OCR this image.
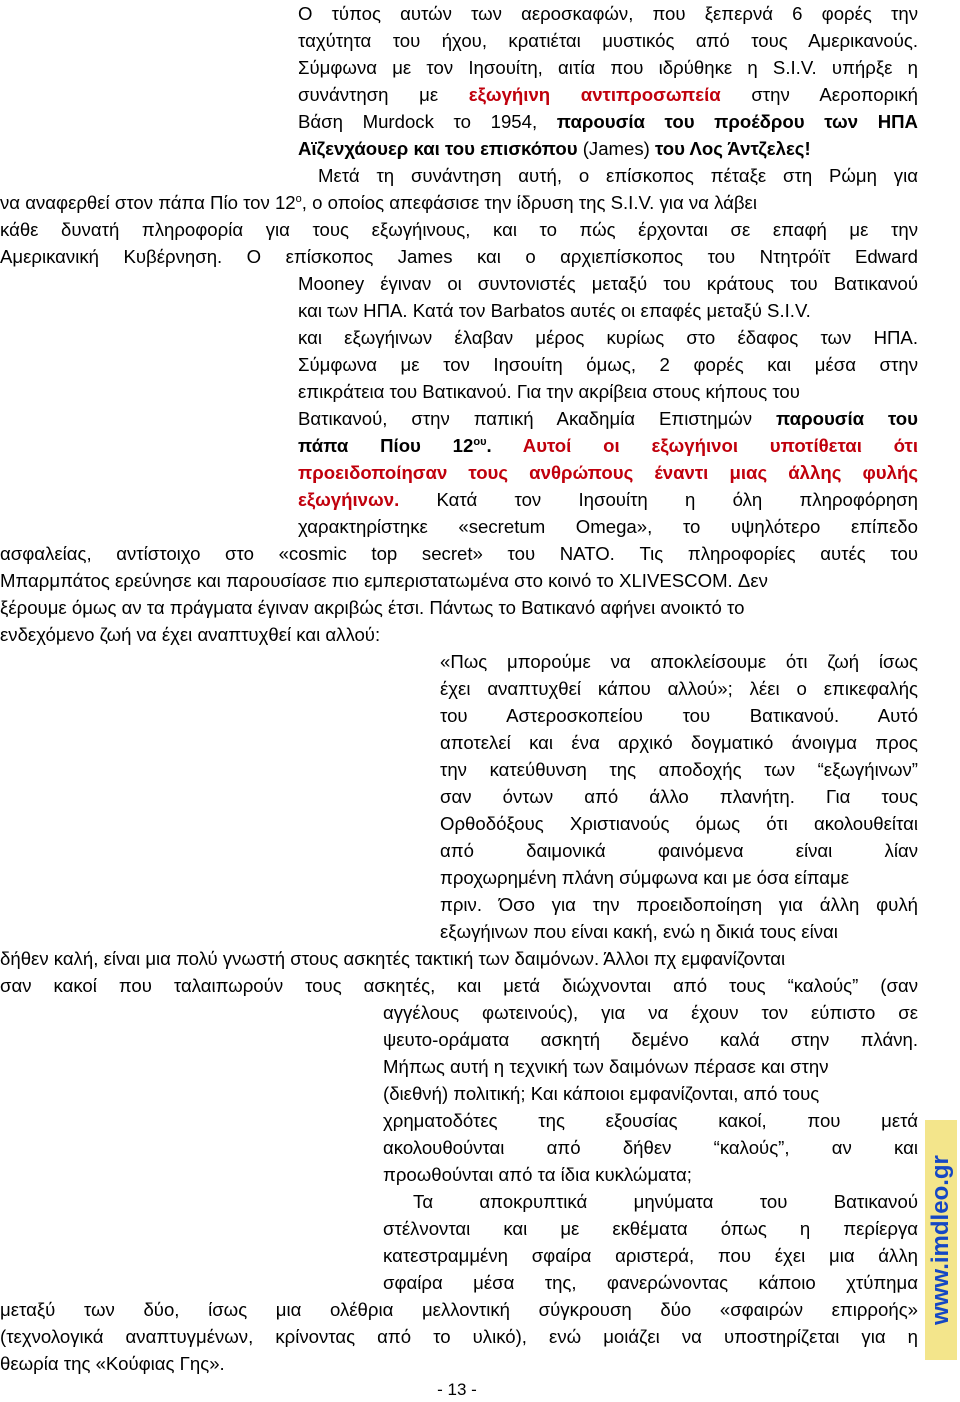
Ο τύπος αυτών των αεροσκαφών, που ξεπερνά 6 φορές την

ταχύτητα του ήχου, κρατιέται μυστικός από τους Αμερικανούς.

Σύμφωνα με τον Ιησουίτη, αιτία που ιδρύθηκε η S.I.V. υπήρξε η

συνάντηση με εξωγήινη αντιπροσωπεία στην Αεροπορική

Βάση Murdock το 1954, παρουσία του προέδρου των ΗΠΑ

Αϊζενχάουερ και του επισκόπου (James) του Λος Άντζελες!

Μετά τη συνάντηση αυτή, ο επίσκοπος πέταξε στη Ρώμη για

να αναφερθεί στον πάπα Πίο τον $12^o$, ο οποίος απεφάσισε την ίδρυση της S.I.V. για να λάβει

κάθε δυνατή πληροφορία για τους εξωγήινους, και το πώς έρχονται σε επαφή με την

Αμερικανική Κυβέρνηση. Ο επίσκοπος James και ο αρχιεπίσκοπος του Ντητρόϊτ Edward

Mooney έγιναν οι συντονιστές μεταξύ του κράτους του Βατικανού

και των ΗΠΑ. Κατά τον Barbatos αυτές οι επαφές μεταξύ S.I.V.

και εξωγήινων έλαβαν μέρος κυρίως στο έδαφος των ΗΠΑ.

Σύμφωνα με τον Ιησουίτη όμως, 2 φορές και μέσα στην

επικράτεια του Βατικανού. Για την ακρίβεια στους κήπους του

Βατικανού, στην παπική Ακαδημία Επιστημών παρουσία του

πάπα Πίου $12^{o\upsilon}$. Αυτοί οι εξωγήινοι υποτίθεται ότι

προειδοποίησαν τους ανθρώπους έναντι μιας άλλης φυλής

εξωγήινων. Κατά τον Ιησουίτη η όλη πληροφόρηση

χαρακτηρίστηκε «secretum Omega», το υψηλότερο επίπεδο

ασφαλείας, αντίστοιχο στο «cosmic top secret» του NATO. Τις πληροφορίες αυτές του

Μπαρμπάτος ερεύνησε και παρουσίασε πιο εμπεριστατωμένα στο κοινό το XLIVESCOM. Δεν

ξέρουμε όμως αν τα πράγματα έγιναν ακριβώς έτσι. Πάντως το Βατικανό αφήνει ανοικτό το

ενδεχόμενο ζωή να έχει αναπτυχθεί και αλλού:

«Πως μπορούμε να αποκλείσουμε ότι ζωή ίσως

έχει αναπτυχθεί κάπου αλλού»; λέει ο επικεφαλής

του Αστεροσκοπείου του Βατικανού. Αυτό

αποτελεί και ένα αρχικό δογματικό άνοιγμα προς

την κατεύθυνση της αποδοχής των “εξωγήινων”

σαν όντων από άλλο πλανήτη. Για τους

Ορθοδόξους Χριστιανούς όμως ότι ακολουθείται

από δαιμονικά φαινόμενα είναι λίαν

προχωρημένη πλάνη σύμφωνα και με όσα είπαμε

πριν. Όσο για την προειδοποίηση για άλλη φυλή

εξωγήινων που είναι κακή, ενώ η δικιά τους είναι

δήθεν καλή, είναι μια πολύ γνωστή στους ασκητές τακτική των δαιμόνων. Άλλοι πχ εμφανίζονται

σαν κακοί που ταλαιπωρούν τους ασκητές, και μετά διώχνονται από τους “καλούς” (σαν

αγγέλους φωτεινούς), για να έχουν τον εύπιστο σε

ψευτο-οράματα ασκητή δεμένο καλά στην πλάνη.

Μήπως αυτή η τεχνική των δαιμόνων πέρασε και στην

(διεθνή) πολιτική; Και κάποιοι εμφανίζονται, από τους

χρηματοδότες της εξουσίας κακοί, που μετά

ακολουθούνται από δήθεν “καλούς”, αν και

προωθούνται από τα ίδια κυκλώματα;

Τα αποκρυπτικά μηνύματα του Βατικανού

στέλνονται και με εκθέματα όπως η περίεργα

κατεστραμμένη σφαίρα αριστερά, που έχει μια άλλη

σφαίρα μέσα της, φανερώνοντας κάποιο χτύπημα

μεταξύ των δύο, ίσως μια ολέθρια μελλοντική σύγκρουση δύο «σφαιρών επιρροής»

(τεχνολογικά αναπτυγμένων, κρίνοντας από το υλικό), ενώ μοιάζει να υποστηρίζεται για η

θεωρία της «Κούφιας Γης».

- 13 -
www.imdleo.gr
